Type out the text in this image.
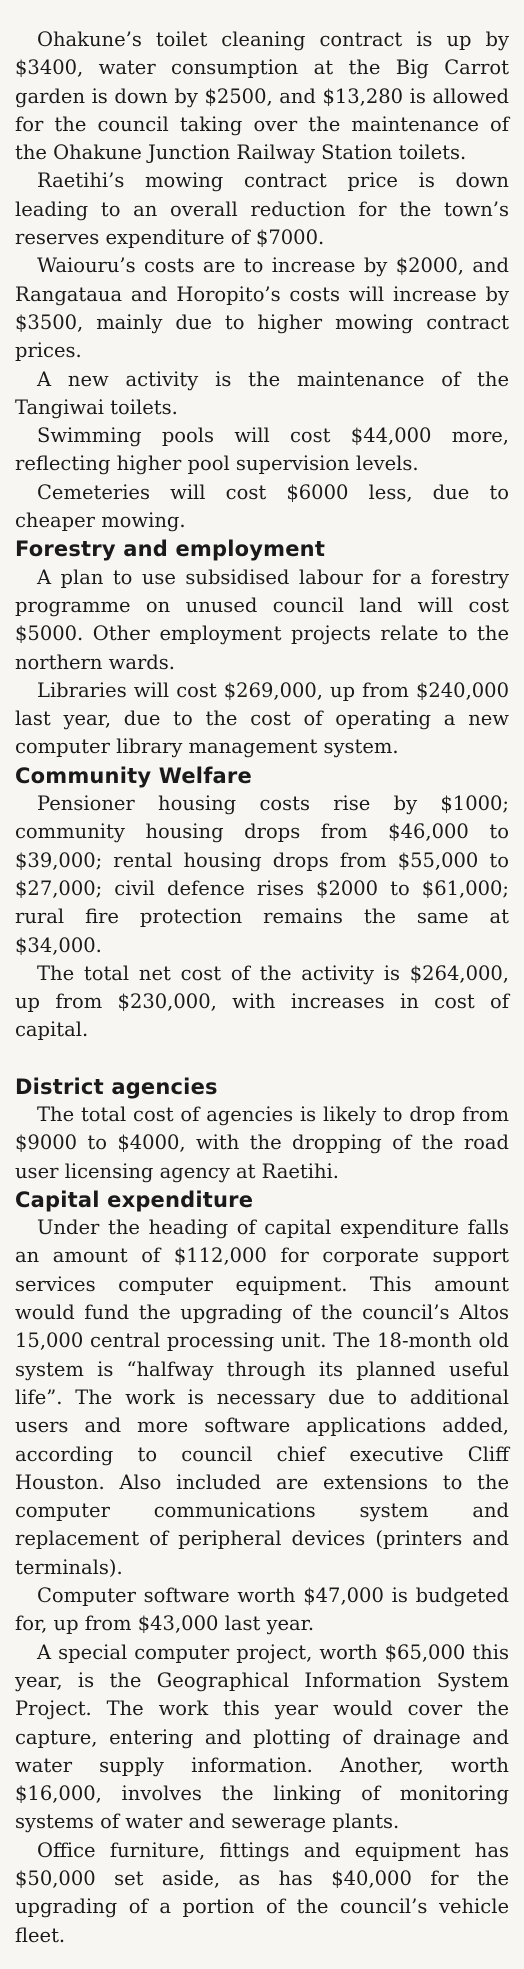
Ohakune’s toilet cleaning contract is up by $3400, water consumption at the Big Carrot garden is down by $2500, and $13,280 is allowed for the council taking over the maintenance of the Ohakune Junction Railway Station toilets.

Raetihi’s mowing contract price is down leading to an overall reduction for the town’s reserves expenditure of $7000.

Waiouru’s costs are to increase by $2000, and Rangataua and Horopito’s costs will increase by $3500, mainly due to higher mowing contract prices.

A new activity is the maintenance of the Tangiwai toilets.

Swimming pools will cost $44,000 more, reflecting higher pool supervision levels.

Cemeteries will cost $6000 less, due to cheaper mowing.

Forestry and employment

A plan to use subsidised labour for a forestry programme on unused council land will cost $5000. Other employment projects relate to the northern wards.

Libraries will cost $269,000, up from $240,000 last year, due to the cost of operating a new computer library management system.

Community Welfare

Pensioner housing costs rise by $1000; community housing drops from $46,000 to $39,000; rental housing drops from $55,000 to $27,000; civil defence rises $2000 to $61,000; rural fire protection remains the same at $34,000.

The total net cost of the activity is $264,000, up from $230,000, with increases in cost of capital.

District agencies

The total cost of agencies is likely to drop from $9000 to $4000, with the dropping of the road user licensing agency at Raetihi.

Capital expenditure

Under the heading of capital expenditure falls an amount of $112,000 for corporate support services computer equipment. This amount would fund the upgrading of the council’s Altos 15,000 central processing unit. The 18-month old system is “halfway through its planned useful life”. The work is necessary due to additional users and more software applications added, according to council chief executive Cliff Houston. Also included are extensions to the computer communications system and replacement of peripheral devices (printers and terminals).

Computer software worth $47,000 is budgeted for, up from $43,000 last year.

A special computer project, worth $65,000 this year, is the Geographical Information System Project. The work this year would cover the capture, entering and plotting of drainage and water supply information. Another, worth $16,000, involves the linking of monitoring systems of water and sewerage plants.

Office furniture, fittings and equipment has $50,000 set aside, as has $40,000 for the upgrading of a portion of the council’s vehicle fleet.
